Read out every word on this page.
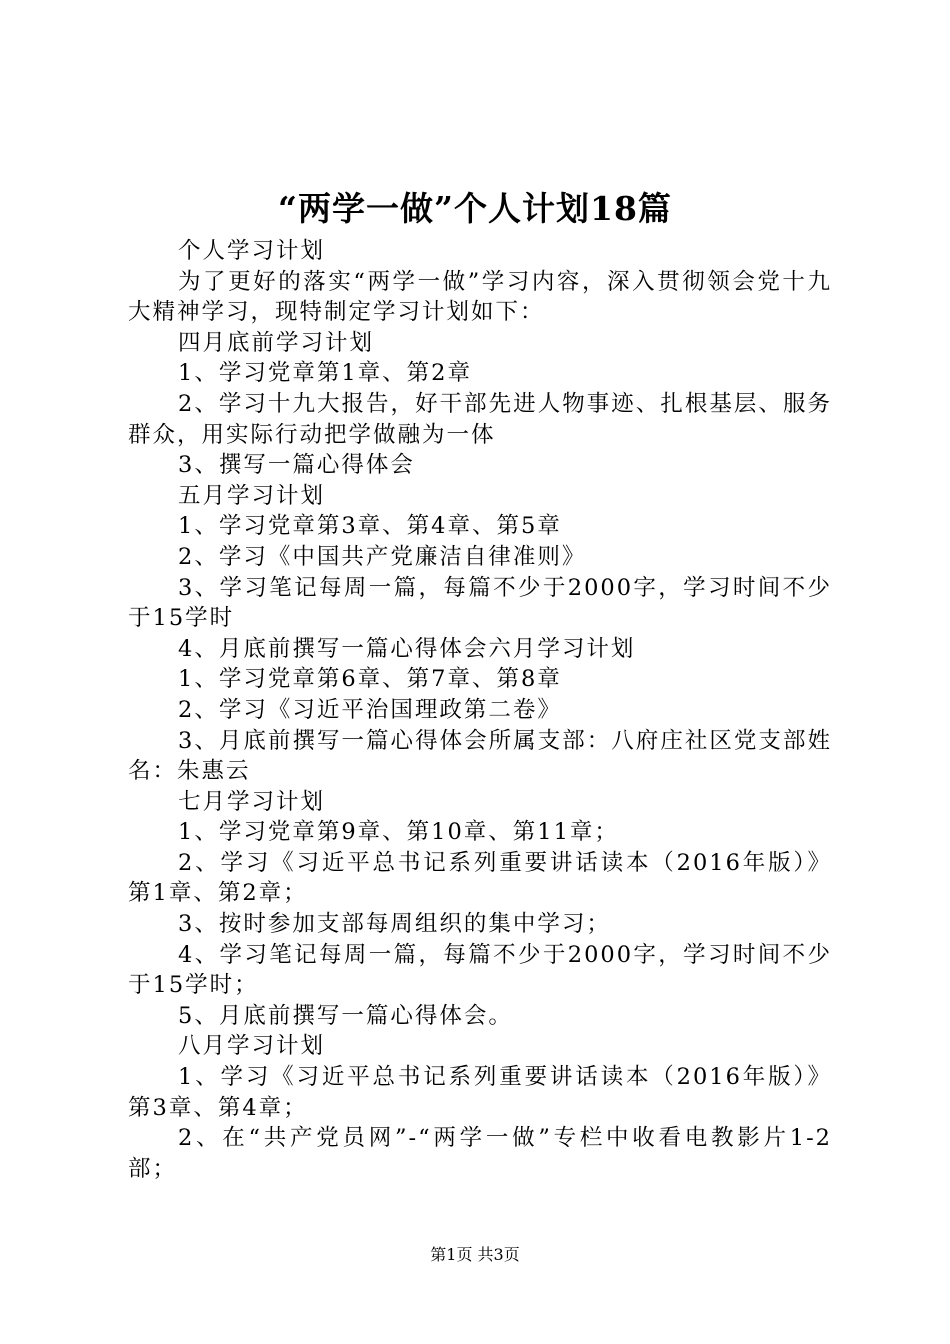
“两学一做”个人计划18篇

个人学习计划

为了更好的落实“两学一做”学习内容，深入贯彻领会党十九大精神学习，现特制定学习计划如下：

四月底前学习计划

1、学习党章第1章、第2章

2、学习十九大报告，好干部先进人物事迹、扎根基层、服务群众，用实际行动把学做融为一体

3、撰写一篇心得体会

五月学习计划

1、学习党章第3章、第4章、第5章

2、学习《中国共产党廉洁自律准则》

3、学习笔记每周一篇，每篇不少于2000字，学习时间不少于15学时

4、月底前撰写一篇心得体会六月学习计划

1、学习党章第6章、第7章、第8章

2、学习《习近平治国理政第二卷》

3、月底前撰写一篇心得体会所属支部：八府庄社区党支部姓名：朱惠云

七月学习计划

1、学习党章第9章、第10章、第11章；

2、学习《习近平总书记系列重要讲话读本（2016年版）》第1章、第2章；

3、按时参加支部每周组织的集中学习；

4、学习笔记每周一篇，每篇不少于2000字，学习时间不少于15学时；

5、月底前撰写一篇心得体会。

八月学习计划

1、学习《习近平总书记系列重要讲话读本（2016年版）》第3章、第4章；

2、在“共产党员网”-“两学一做”专栏中收看电教影片1-2部；

第1页 共3页
